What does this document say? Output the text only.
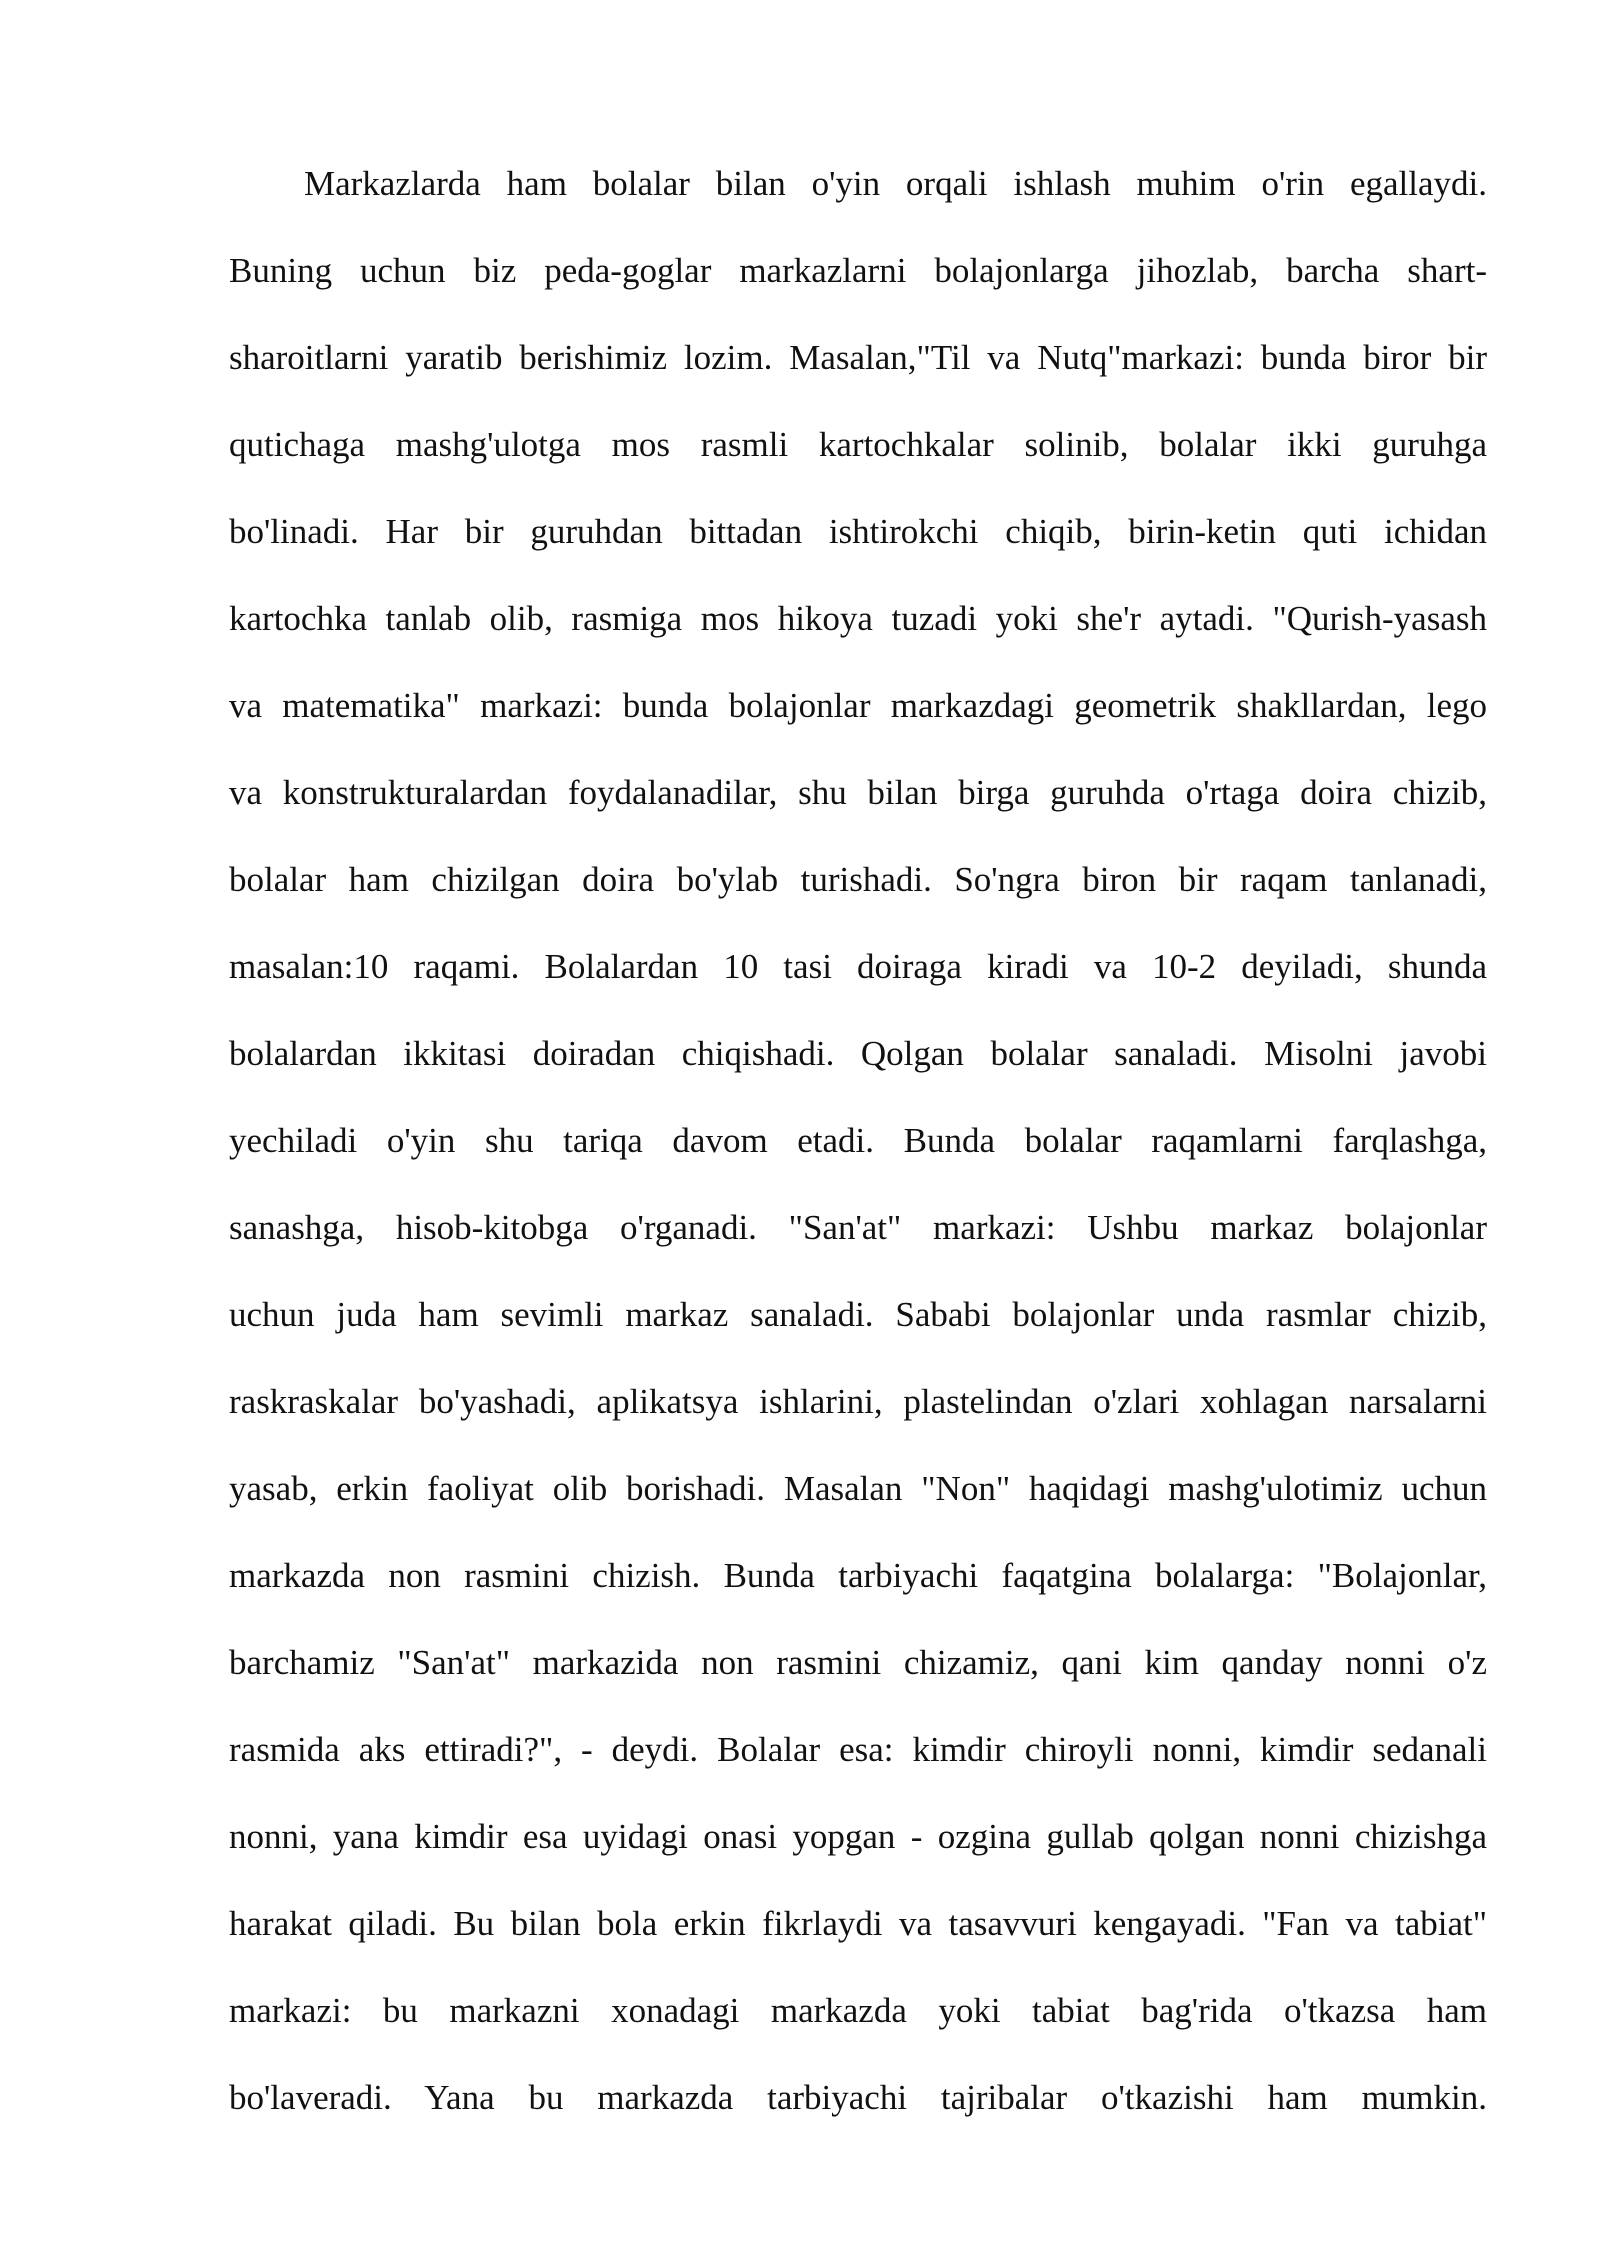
Markazlarda ham bolalar bilan o'yin orqali ishlash muhim o'rin egallaydi.
Buning uchun biz peda-goglar markazlarni bolajonlarga jihozlab, barcha shart-
sharoitlarni yaratib berishimiz lozim. Masalan,"Til va Nutq"markazi: bunda biror bir
qutichaga mashg'ulotga mos rasmli kartochkalar solinib, bolalar ikki guruhga
bo'linadi. Har bir guruhdan bittadan ishtirokchi chiqib, birin-ketin quti ichidan
kartochka tanlab olib, rasmiga mos hikoya tuzadi yoki she'r aytadi. "Qurish-yasash
va matematika" markazi: bunda bolajonlar markazdagi geometrik shakllardan, lego
va konstrukturalardan foydalanadilar, shu bilan birga guruhda o'rtaga doira chizib,
bolalar ham chizilgan doira bo'ylab turishadi. So'ngra biron bir raqam tanlanadi,
masalan:10 raqami. Bolalardan 10 tasi doiraga kiradi va 10-2 deyiladi, shunda
bolalardan ikkitasi doiradan chiqishadi. Qolgan bolalar sanaladi. Misolni javobi
yechiladi o'yin shu tariqa davom etadi. Bunda bolalar raqamlarni farqlashga,
sanashga, hisob-kitobga o'rganadi. "San'at" markazi: Ushbu markaz bolajonlar
uchun juda ham sevimli markaz sanaladi. Sababi bolajonlar unda rasmlar chizib,
raskraskalar bo'yashadi, aplikatsya ishlarini, plastelindan o'zlari xohlagan narsalarni
yasab, erkin faoliyat olib borishadi. Masalan "Non" haqidagi mashg'ulotimiz uchun
markazda non rasmini chizish. Bunda tarbiyachi faqatgina bolalarga: "Bolajonlar,
barchamiz "San'at" markazida non rasmini chizamiz, qani kim qanday nonni o'z
rasmida aks ettiradi?", - deydi. Bolalar esa: kimdir chiroyli nonni, kimdir sedanali
nonni, yana kimdir esa uyidagi onasi yopgan - ozgina gullab qolgan nonni chizishga
harakat qiladi. Bu bilan bola erkin fikrlaydi va tasavvuri kengayadi. "Fan va tabiat"
markazi: bu markazni xonadagi markazda yoki tabiat bag'rida o'tkazsa ham
bo'laveradi. Yana bu markazda tarbiyachi tajribalar o'tkazishi ham mumkin.
